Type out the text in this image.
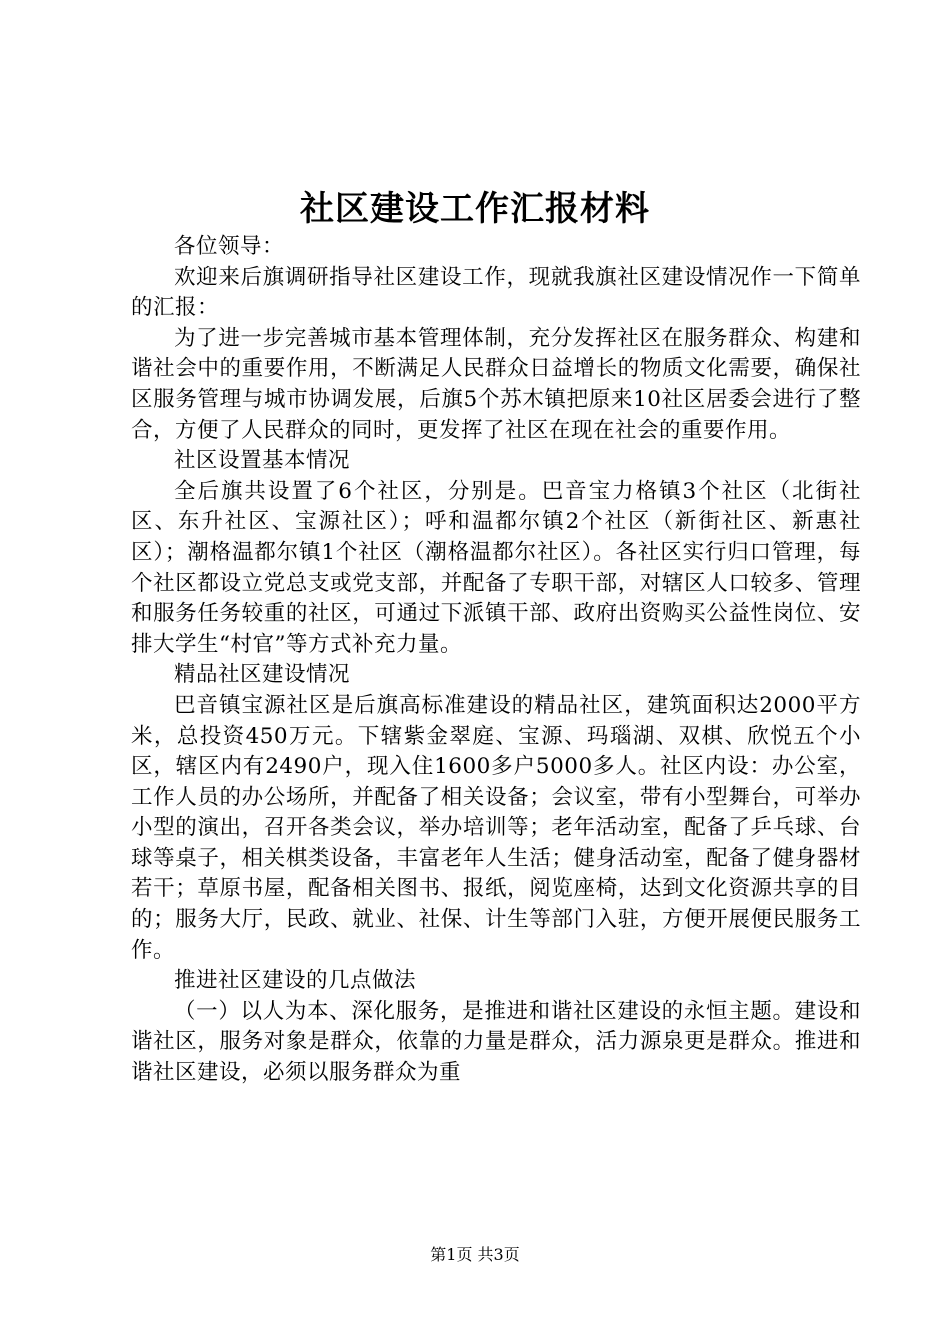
社区建设工作汇报材料

各位领导：

欢迎来后旗调研指导社区建设工作，现就我旗社区建设情况作一下简单的汇报：

为了进一步完善城市基本管理体制，充分发挥社区在服务群众、构建和谐社会中的重要作用，不断满足人民群众日益增长的物质文化需要，确保社区服务管理与城市协调发展，后旗5个苏木镇把原来10社区居委会进行了整合，方便了人民群众的同时，更发挥了社区在现在社会的重要作用。

社区设置基本情况

全后旗共设置了6个社区，分别是。巴音宝力格镇3个社区（北街社区、东升社区、宝源社区）；呼和温都尔镇2个社区（新街社区、新惠社区）；潮格温都尔镇1个社区（潮格温都尔社区）。各社区实行归口管理，每个社区都设立党总支或党支部，并配备了专职干部，对辖区人口较多、管理和服务任务较重的社区，可通过下派镇干部、政府出资购买公益性岗位、安排大学生“村官”等方式补充力量。

精品社区建设情况

巴音镇宝源社区是后旗高标准建设的精品社区，建筑面积达2000平方米，总投资450万元。下辖紫金翠庭、宝源、玛瑙湖、双棋、欣悦五个小区，辖区内有2490户，现入住1600多户5000多人。社区内设：办公室，工作人员的办公场所，并配备了相关设备；会议室，带有小型舞台，可举办小型的演出，召开各类会议，举办培训等；老年活动室，配备了乒乓球、台球等桌子，相关棋类设备，丰富老年人生活；健身活动室，配备了健身器材若干；草原书屋，配备相关图书、报纸，阅览座椅，达到文化资源共享的目的；服务大厅，民政、就业、社保、计生等部门入驻，方便开展便民服务工作。

推进社区建设的几点做法

（一）以人为本、深化服务，是推进和谐社区建设的永恒主题。建设和谐社区，服务对象是群众，依靠的力量是群众，活力源泉更是群众。推进和谐社区建设，必须以服务群众为重

第1页 共3页
